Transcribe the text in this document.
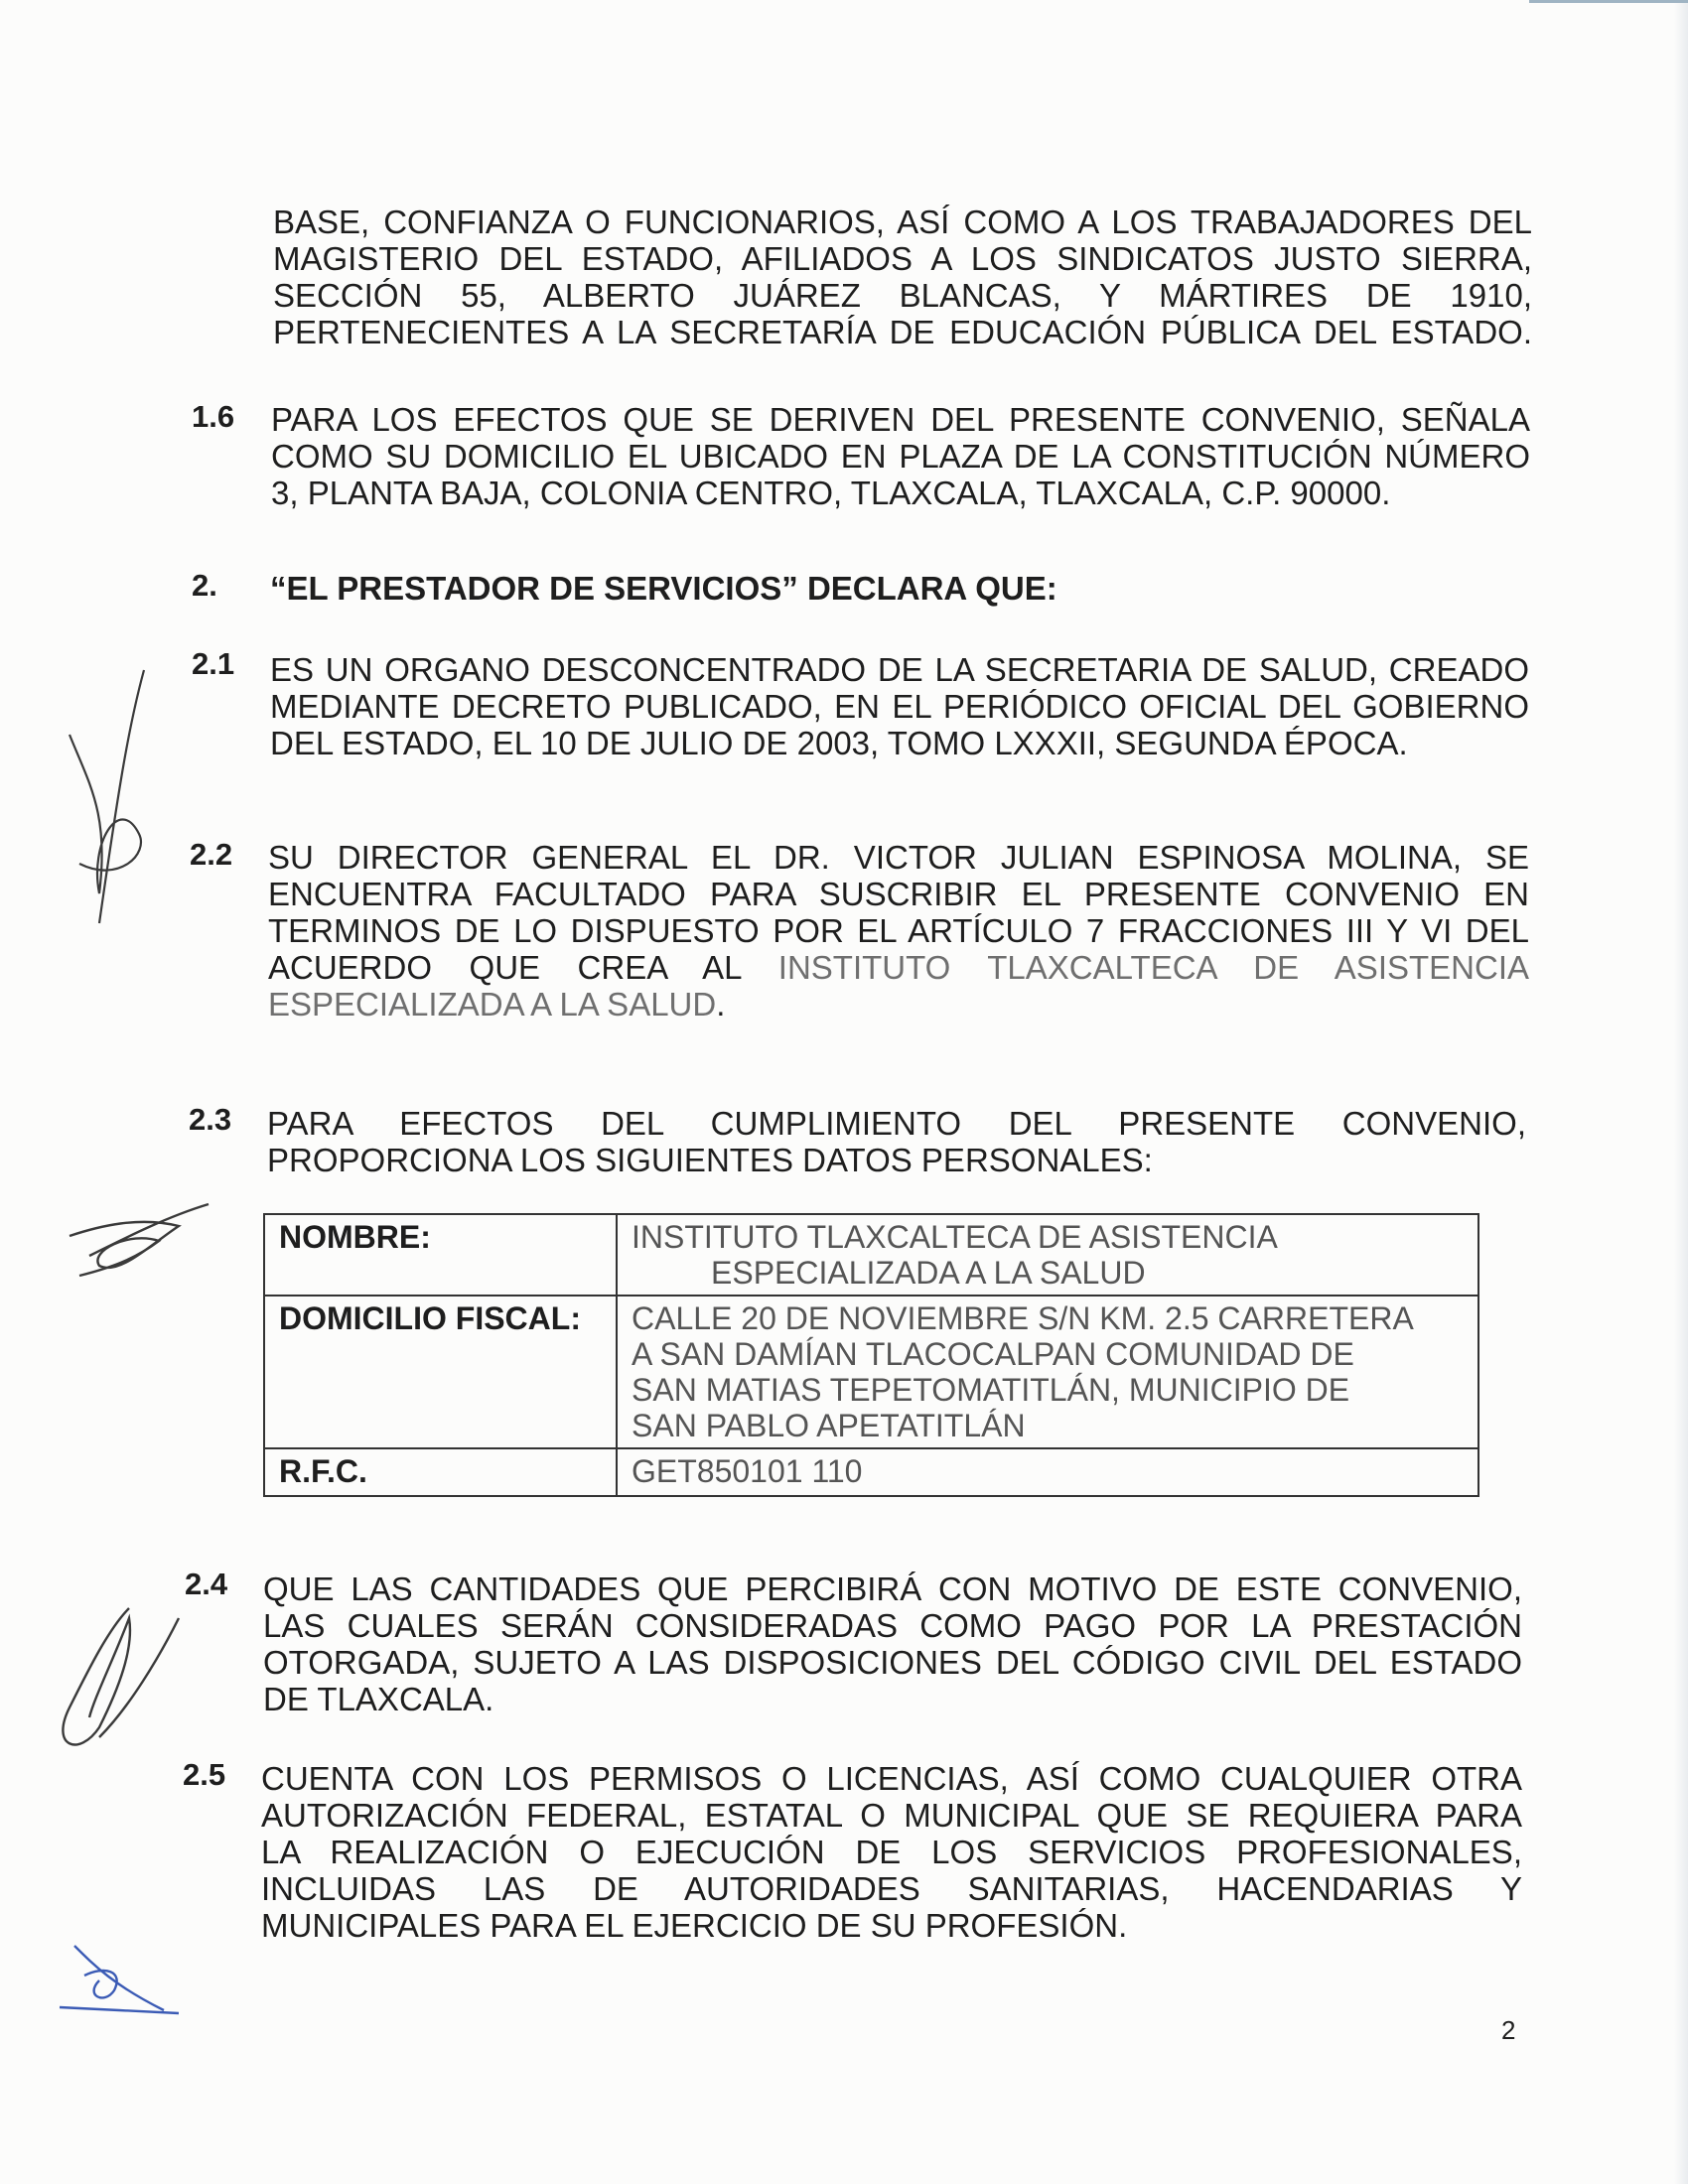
BASE, CONFIANZA O FUNCIONARIOS, ASÍ COMO A LOS TRABAJADORES DEL
MAGISTERIO DEL ESTADO, AFILIADOS A LOS SINDICATOS JUSTO SIERRA,
SECCIÓN 55, ALBERTO JUÁREZ BLANCAS, Y MÁRTIRES DE 1910,
PERTENECIENTES A LA SECRETARÍA DE EDUCACIÓN PÚBLICA DEL ESTADO.
1.6 PARA LOS EFECTOS QUE SE DERIVEN DEL PRESENTE CONVENIO, SEÑALA
COMO SU DOMICILIO EL UBICADO EN PLAZA DE LA CONSTITUCIÓN NÚMERO
3, PLANTA BAJA, COLONIA CENTRO, TLAXCALA, TLAXCALA, C.P. 90000.
2. “EL PRESTADOR DE SERVICIOS” DECLARA QUE:
2.1 ES UN ORGANO DESCONCENTRADO DE LA SECRETARIA DE SALUD, CREADO
MEDIANTE DECRETO PUBLICADO, EN EL PERIÓDICO OFICIAL DEL GOBIERNO
DEL ESTADO, EL 10 DE JULIO DE 2003, TOMO LXXXII, SEGUNDA ÉPOCA.
2.2 SU DIRECTOR GENERAL EL DR. VICTOR JULIAN ESPINOSA MOLINA, SE
ENCUENTRA FACULTADO PARA SUSCRIBIR EL PRESENTE CONVENIO EN
TERMINOS DE LO DISPUESTO POR EL ARTÍCULO 7 FRACCIONES III Y VI DEL
ACUERDO QUE CREA AL INSTITUTO TLAXCALTECA DE ASISTENCIA
ESPECIALIZADA A LA SALUD.
2.3 PARA EFECTOS DEL CUMPLIMIENTO DEL PRESENTE CONVENIO,
PROPORCIONA LOS SIGUIENTES DATOS PERSONALES:
NOMBRE:	INSTITUTO TLAXCALTECA DE ASISTENCIA
ESPECIALIZADA A LA SALUD

DOMICILIO FISCAL:	CALLE 20 DE NOVIEMBRE S/N KM. 2.5 CARRETERA
A SAN DAMÍAN TLACOCALPAN COMUNIDAD DE
SAN MATIAS TEPETOMATITLÁN, MUNICIPIO DE
SAN PABLO APETATITLÁN

R.F.C.	GET850101 110
2.4 QUE LAS CANTIDADES QUE PERCIBIRÁ CON MOTIVO DE ESTE CONVENIO,
LAS CUALES SERÁN CONSIDERADAS COMO PAGO POR LA PRESTACIÓN
OTORGADA, SUJETO A LAS DISPOSICIONES DEL CÓDIGO CIVIL DEL ESTADO
DE TLAXCALA.
2.5 CUENTA CON LOS PERMISOS O LICENCIAS, ASÍ COMO CUALQUIER OTRA
AUTORIZACIÓN FEDERAL, ESTATAL O MUNICIPAL QUE SE REQUIERA PARA
LA REALIZACIÓN O EJECUCIÓN DE LOS SERVICIOS PROFESIONALES,
INCLUIDAS LAS DE AUTORIDADES SANITARIAS, HACENDARIAS Y
MUNICIPALES PARA EL EJERCICIO DE SU PROFESIÓN.
2
